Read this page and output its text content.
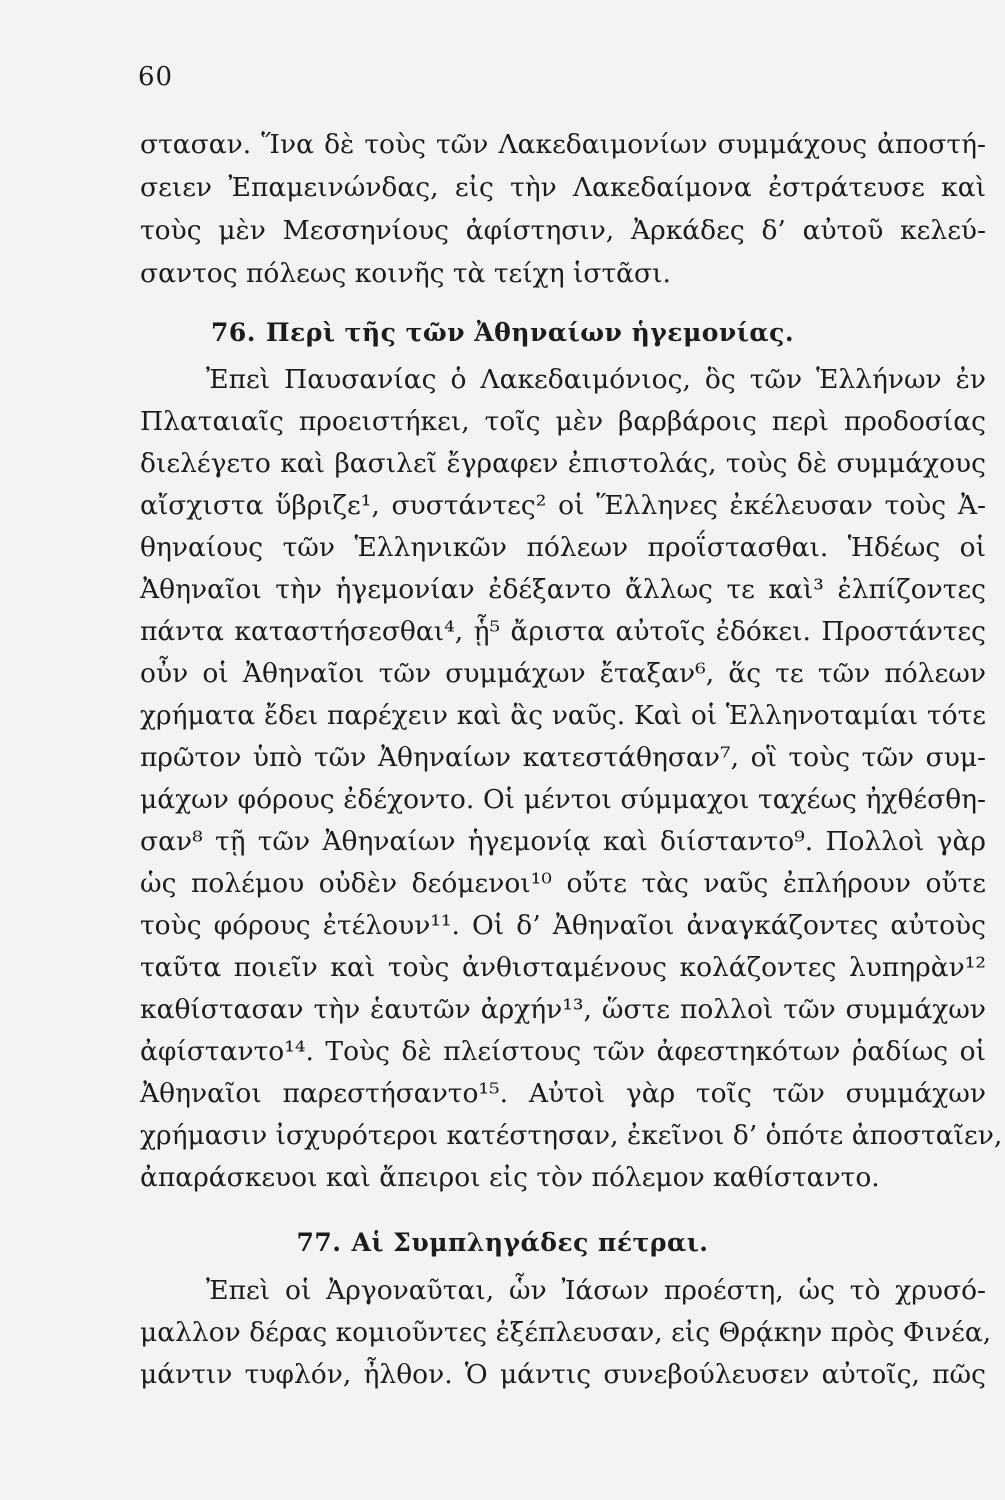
60
στασαν. Ἵνα δὲ τοὺς τῶν Λακεδαιμονίων συμμάχους ἀποστή-
σειεν Ἐπαμεινώνδας, εἰς τὴν Λακεδαίμονα ἐστράτευσε καὶ
τοὺς μὲν Μεσσηνίους ἀφίστησιν, Ἀρκάδες δ’ αὐτοῦ κελεύ-
σαντος πόλεως κοινῆς τὰ τείχη ἱστᾶσι.
76. Περὶ τῆς τῶν Ἀθηναίων ἡγεμονίας.
Ἐπεὶ Παυσανίας ὁ Λακεδαιμόνιος, ὃς τῶν Ἑλλήνων ἐν
Πλαταιαῖς προειστήκει, τοῖς μὲν βαρβάροις περὶ προδοσίας
διελέγετο καὶ βασιλεῖ ἔγραφεν ἐπιστολάς, τοὺς δὲ συμμάχους
αἴσχιστα ὕβριζε¹, συστάντες² οἱ Ἕλληνες ἐκέλευσαν τοὺς Ἀ-
θηναίους τῶν Ἑλληνικῶν πόλεων προΐστασθαι. Ἡδέως οἱ
Ἀθηναῖοι τὴν ἡγεμονίαν ἐδέξαντο ἄλλως τε καὶ³ ἐλπίζοντες
πάντα καταστήσεσθαι⁴, ᾗ⁵ ἄριστα αὐτοῖς ἐδόκει. Προστάντες
οὖν οἱ Ἀθηναῖοι τῶν συμμάχων ἔταξαν⁶, ἅς τε τῶν πόλεων
χρήματα ἔδει παρέχειν καὶ ἃς ναῦς. Καὶ οἱ Ἑλληνοταμίαι τότε
πρῶτον ὑπὸ τῶν Ἀθηναίων κατεστάθησαν⁷, οἳ τοὺς τῶν συμ-
μάχων φόρους ἐδέχοντο. Οἱ μέντοι σύμμαχοι ταχέως ἠχθέσθη-
σαν⁸ τῇ τῶν Ἀθηναίων ἡγεμονίᾳ καὶ διίσταντο⁹. Πολλοὶ γὰρ
ὡς πολέμου οὐδὲν δεόμενοι¹⁰ οὔτε τὰς ναῦς ἐπλήρουν οὔτε
τοὺς φόρους ἐτέλουν¹¹. Οἱ δ’ Ἀθηναῖοι ἀναγκάζοντες αὐτοὺς
ταῦτα ποιεῖν καὶ τοὺς ἀνθισταμένους κολάζοντες λυπηρὰν¹²
καθίστασαν τὴν ἑαυτῶν ἀρχήν¹³, ὥστε πολλοὶ τῶν συμμάχων
ἀφίσταντο¹⁴. Τοὺς δὲ πλείστους τῶν ἀφεστηκότων ῥαδίως οἱ
Ἀθηναῖοι παρεστήσαντο¹⁵. Αὐτοὶ γὰρ τοῖς τῶν συμμάχων
χρήμασιν ἰσχυρότεροι κατέστησαν, ἐκεῖνοι δ’ ὁπότε ἀποσταῖεν,
ἀπαράσκευοι καὶ ἄπειροι εἰς τὸν πόλεμον καθίσταντο.
77. Αἱ Συμπληγάδες πέτραι.
Ἐπεὶ οἱ Ἀργοναῦται, ὧν Ἰάσων προέστη, ὡς τὸ χρυσό-
μαλλον δέρας κομιοῦντες ἐξέπλευσαν, εἰς Θρᾴκην πρὸς Φινέα,
μάντιν τυφλόν, ἦλθον. Ὁ μάντις συνεβούλευσεν αὐτοῖς, πῶς
